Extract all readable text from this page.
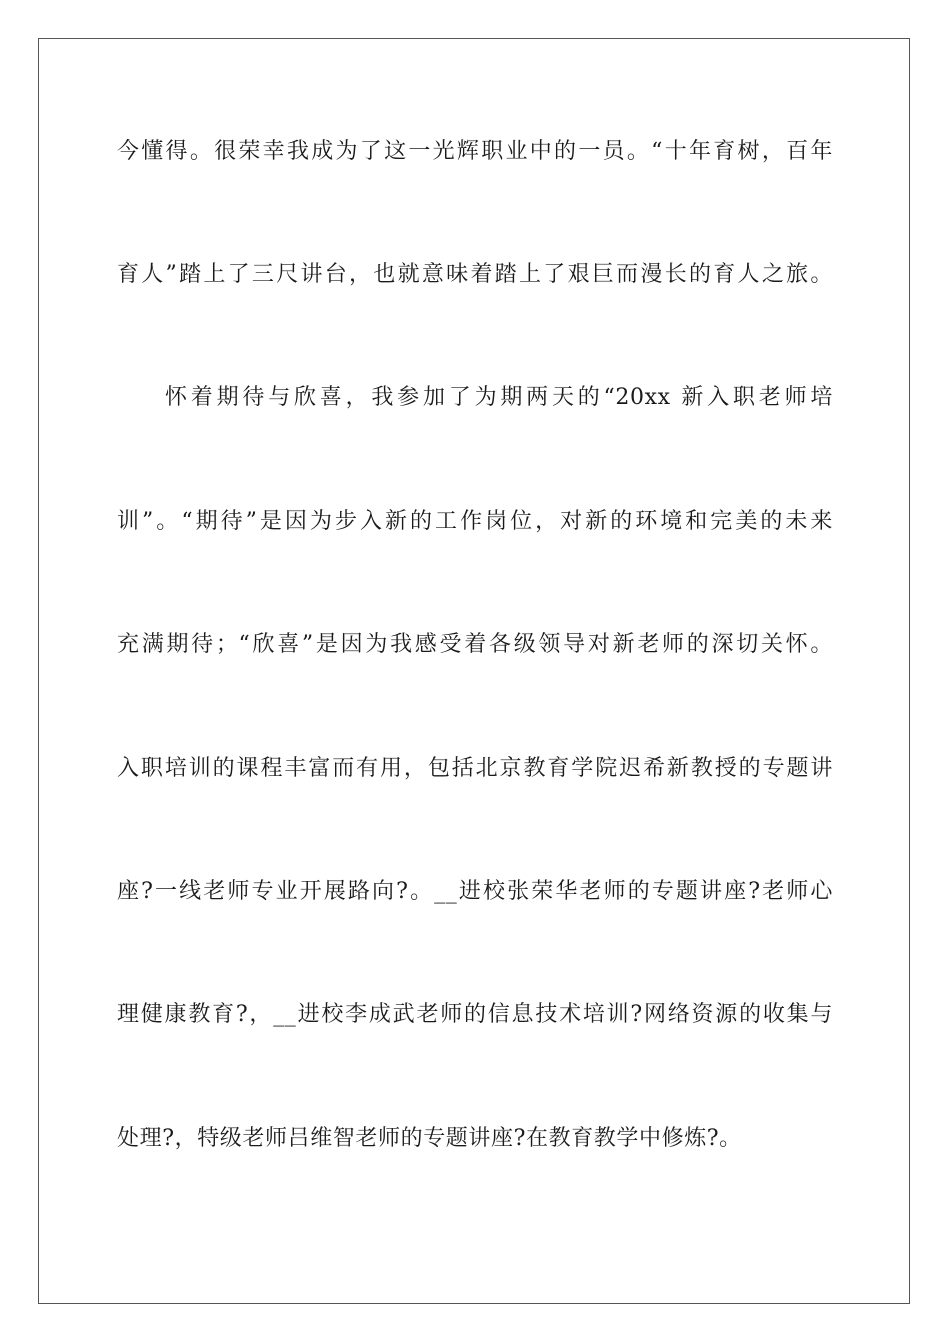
今懂得。很荣幸我成为了这一光辉职业中的一员。“十年育树，百年
育人”踏上了三尺讲台，也就意味着踏上了艰巨而漫长的育人之旅。
怀着期待与欣喜，我参加了为期两天的“20xx 新入职老师培
训”。“期待”是因为步入新的工作岗位，对新的环境和完美的未来
充满期待；“欣喜”是因为我感受着各级领导对新老师的深切关怀。
入职培训的课程丰富而有用，包括北京教育学院迟希新教授的专题讲
座?一线老师专业开展路向?。__进校张荣华老师的专题讲座?老师心
理健康教育?，__进校李成武老师的信息技术培训?网络资源的收集与
处理?，特级老师吕维智老师的专题讲座?在教育教学中修炼?。
